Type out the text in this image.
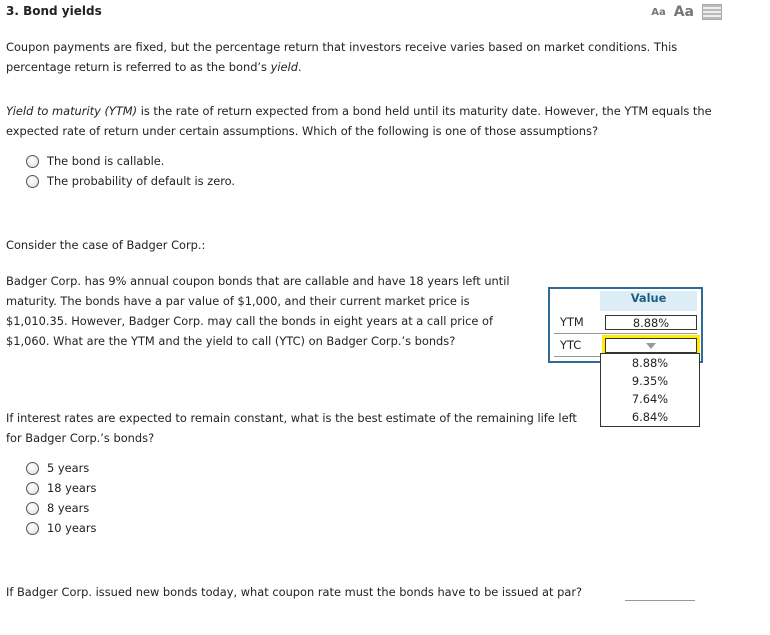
3. Bond yields	Aa Aa
Coupon payments are fixed, but the percentage return that investors receive varies based on market conditions. This percentage return is referred to as the bond’s yield.
Yield to maturity (YTM) is the rate of return expected from a bond held until its maturity date. However, the YTM equals the expected rate of return under certain assumptions. Which of the following is one of those assumptions?
The bond is callable.
The probability of default is zero.
Consider the case of Badger Corp.:
Badger Corp. has 9% annual coupon bonds that are callable and have 18 years left until maturity. The bonds have a par value of $1,000, and their current market price is $1,010.35. However, Badger Corp. may call the bonds in eight years at a call price of $1,060. What are the YTM and the yield to call (YTC) on Badger Corp.’s bonds?
Value
YTM	8.88%
YTC
8.88%
9.35%
7.64%
6.84%
If interest rates are expected to remain constant, what is the best estimate of the remaining life left for Badger Corp.’s bonds?
5 years
18 years
8 years
10 years
If Badger Corp. issued new bonds today, what coupon rate must the bonds have to be issued at par?
